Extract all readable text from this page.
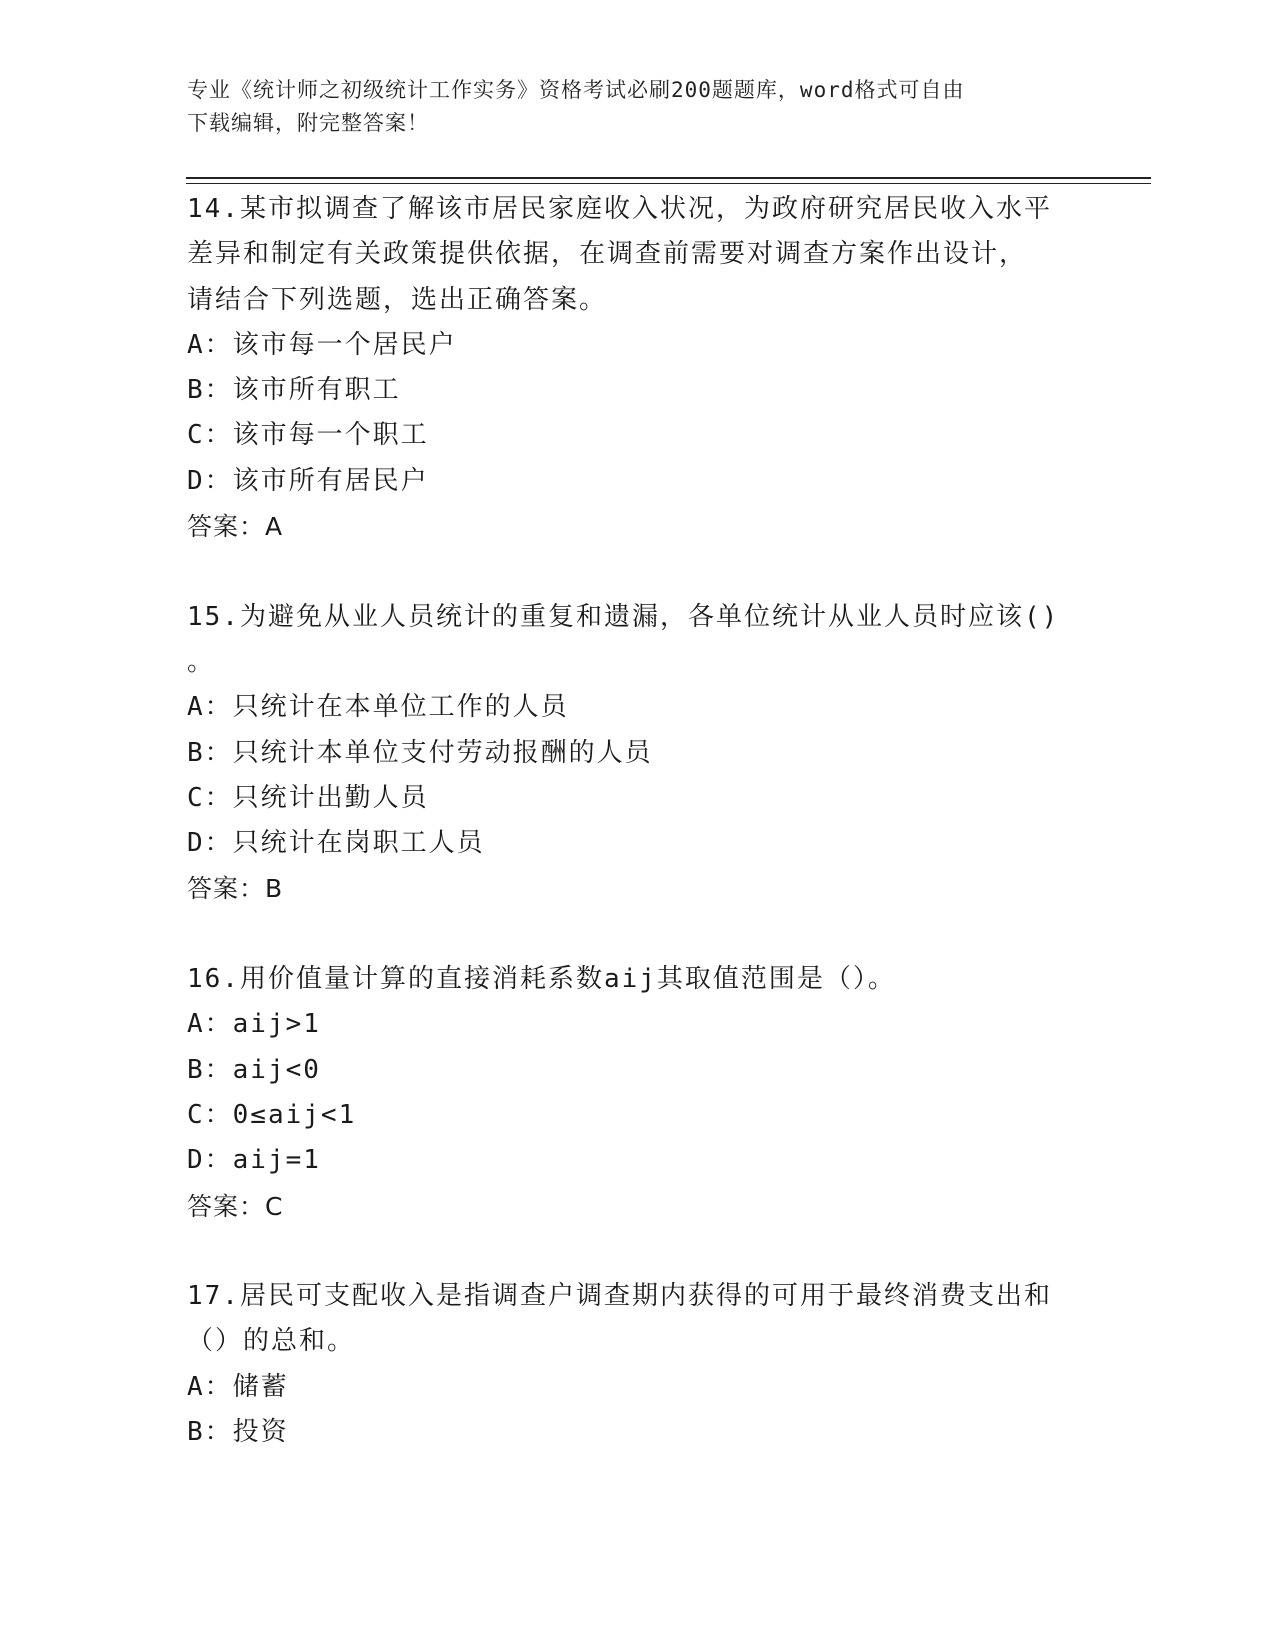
专业《统计师之初级统计工作实务》资格考试必刷200题题库，word格式可自由
下载编辑，附完整答案！
14.某市拟调查了解该市居民家庭收入状况，为政府研究居民收入水平
差异和制定有关政策提供依据，在调查前需要对调查方案作出设计，
请结合下列选题，选出正确答案。
A：该市每一个居民户
B：该市所有职工
C：该市每一个职工
D：该市所有居民户
答案：A
15.为避免从业人员统计的重复和遗漏，各单位统计从业人员时应该()
。
A：只统计在本单位工作的人员
B：只统计本单位支付劳动报酬的人员
C：只统计出勤人员
D：只统计在岗职工人员
答案：B
16.用价值量计算的直接消耗系数aij其取值范围是（）。
A：aij>1
B：aij<0
C：0≤aij<1
D：aij=1
答案：C
17.居民可支配收入是指调查户调查期内获得的可用于最终消费支出和
（）的总和。
A：储蓄
B：投资
